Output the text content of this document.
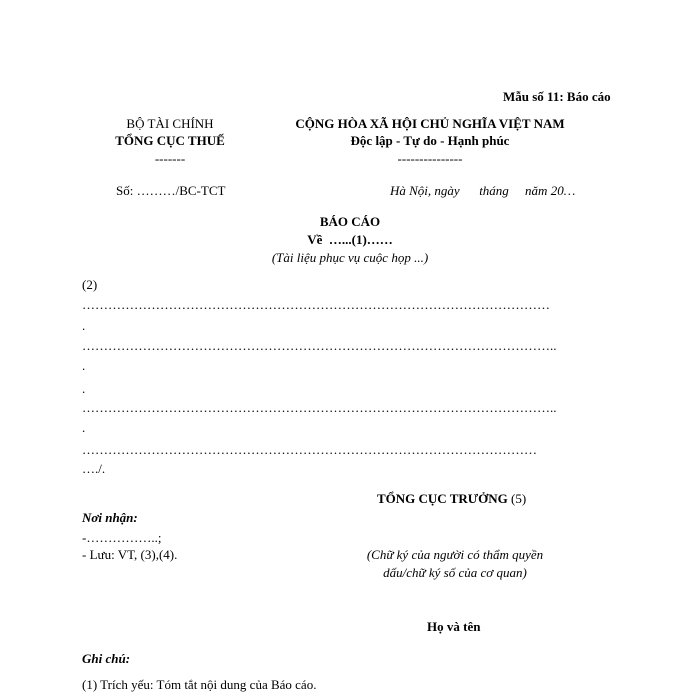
Mẫu số 11: Báo cáo
BỘ TÀI CHÍNH
TỔNG CỤC THUẾ
-------
CỘNG HÒA XÃ HỘI CHỦ NGHĨA VIỆT NAM
Độc lập - Tự do - Hạnh phúc
---------------
Số: ………/BC-TCT	Hà Nội, ngày      tháng     năm 20…
BÁO CÁO
Về  …...(1)……
(Tài liệu phục vụ cuộc họp ...)
(2)
………………………………………………………………………………………………
.
………………………………………………………………………………………………..
.
.
………………………………………………………………………………………………..
.
……………………………………………………………………………………………
…./.
TỔNG CỤC TRƯỞNG (5)
Nơi nhận:
-……………..;
- Lưu: VT, (3),(4).	(Chữ ký của người có thẩm quyền
dấu/chữ ký số của cơ quan)
Họ và tên
Ghi chú:
(1) Trích yếu: Tóm tắt nội dung của Báo cáo.
